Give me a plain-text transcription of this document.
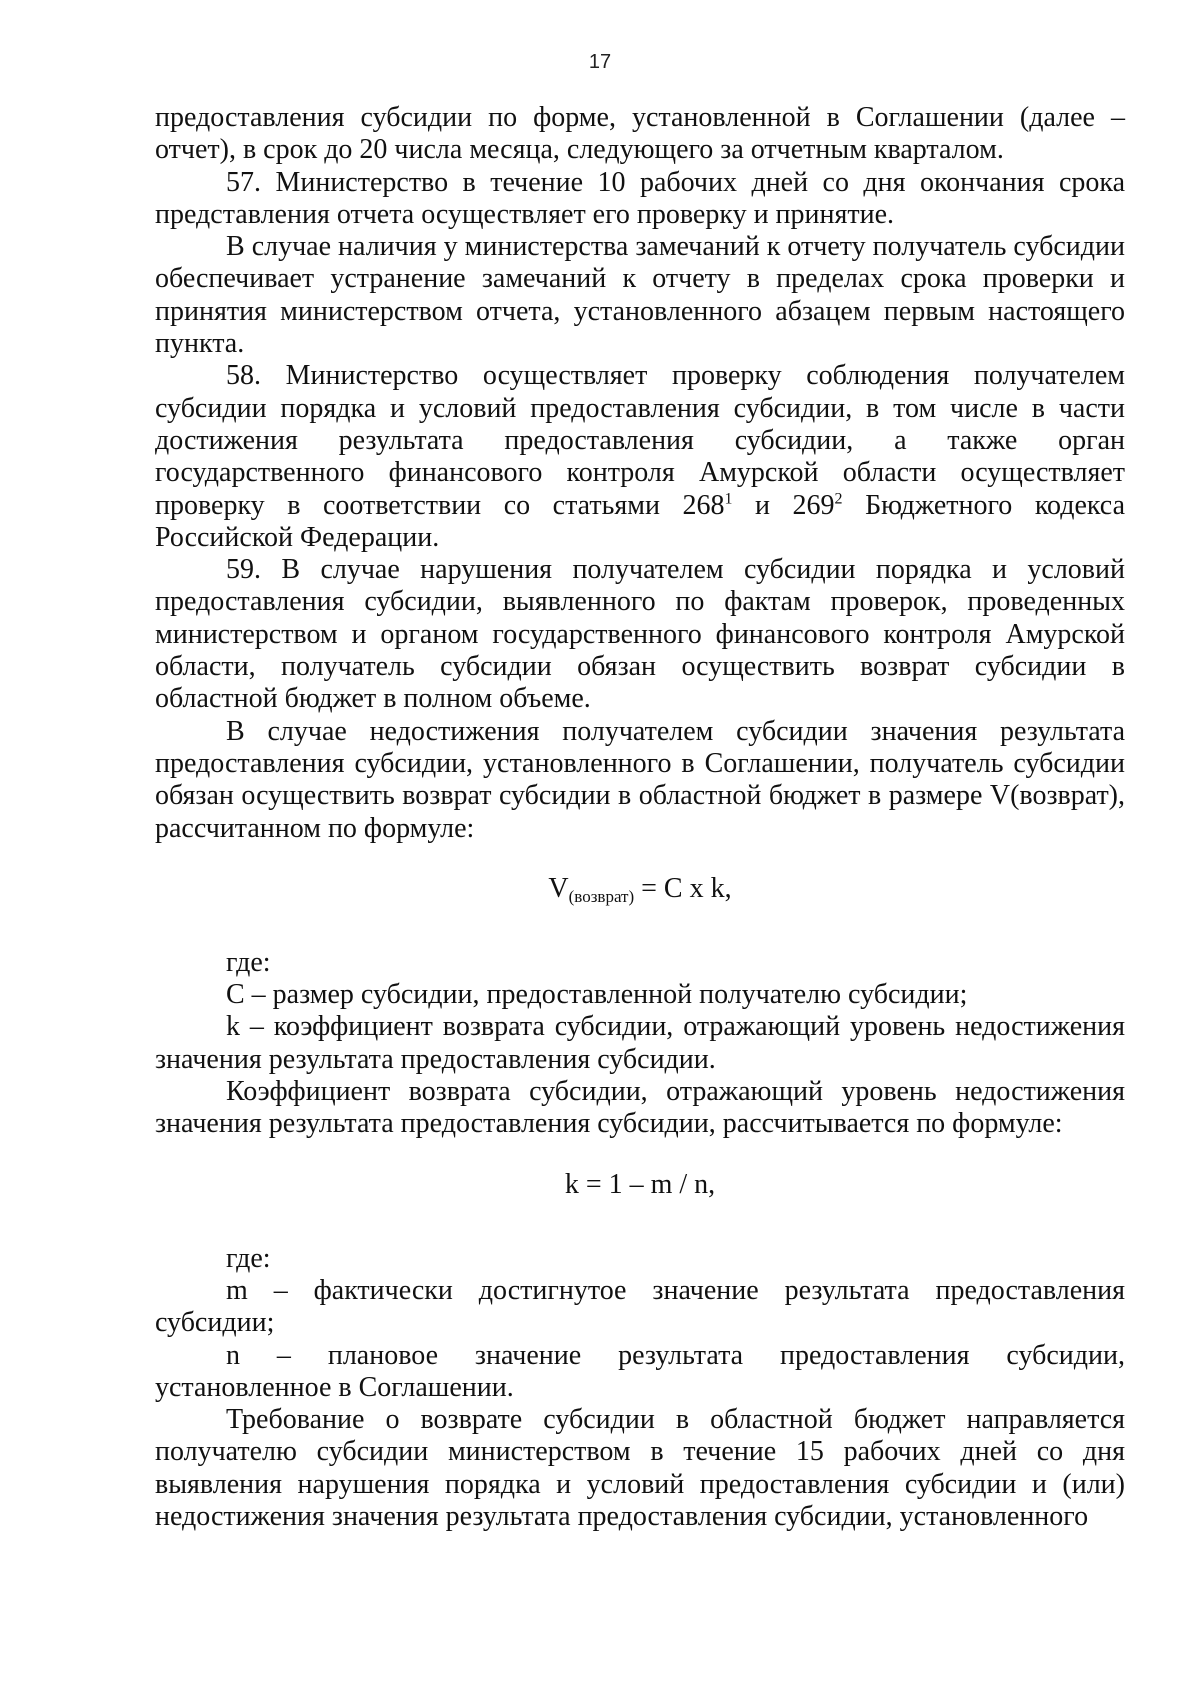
17

предоставления субсидии по форме, установленной в Соглашении (далее – отчет), в срок до 20 числа месяца, следующего за отчетным кварталом.

57. Министерство в течение 10 рабочих дней со дня окончания срока представления отчета осуществляет его проверку и принятие.

В случае наличия у министерства замечаний к отчету получатель субсидии обеспечивает устранение замечаний к отчету в пределах срока проверки и принятия министерством отчета, установленного абзацем первым настоящего пункта.

58. Министерство осуществляет проверку соблюдения получателем субсидии порядка и условий предоставления субсидии, в том числе в части достижения результата предоставления субсидии, а также орган государственного финансового контроля Амурской области осуществляет проверку в соответствии со статьями $268^1$ и $269^2$ Бюджетного кодекса Российской Федерации.

59. В случае нарушения получателем субсидии порядка и условий предоставления субсидии, выявленного по фактам проверок, проведенных министерством и органом государственного финансового контроля Амурской области, получатель субсидии обязан осуществить возврат субсидии в областной бюджет в полном объеме.

В случае недостижения получателем субсидии значения результата предоставления субсидии, установленного в Соглашении, получатель субсидии обязан осуществить возврат субсидии в областной бюджет в размере V(возврат), рассчитанном по формуле:

$V_{(возврат)} = C$ x k,

где:

C – размер субсидии, предоставленной получателю субсидии;

k – коэффициент возврата субсидии, отражающий уровень недостижения значения результата предоставления субсидии.

Коэффициент возврата субсидии, отражающий уровень недостижения значения результата предоставления субсидии, рассчитывается по формуле:

k = 1 – m / n,

где:

m – фактически достигнутое значение результата предоставления субсидии;

n – плановое значение результата предоставления субсидии, установленное в Соглашении.

Требование о возврате субсидии в областной бюджет направляется получателю субсидии министерством в течение 15 рабочих дней со дня выявления нарушения порядка и условий предоставления субсидии и (или) недостижения значения результата предоставления субсидии, установленного
